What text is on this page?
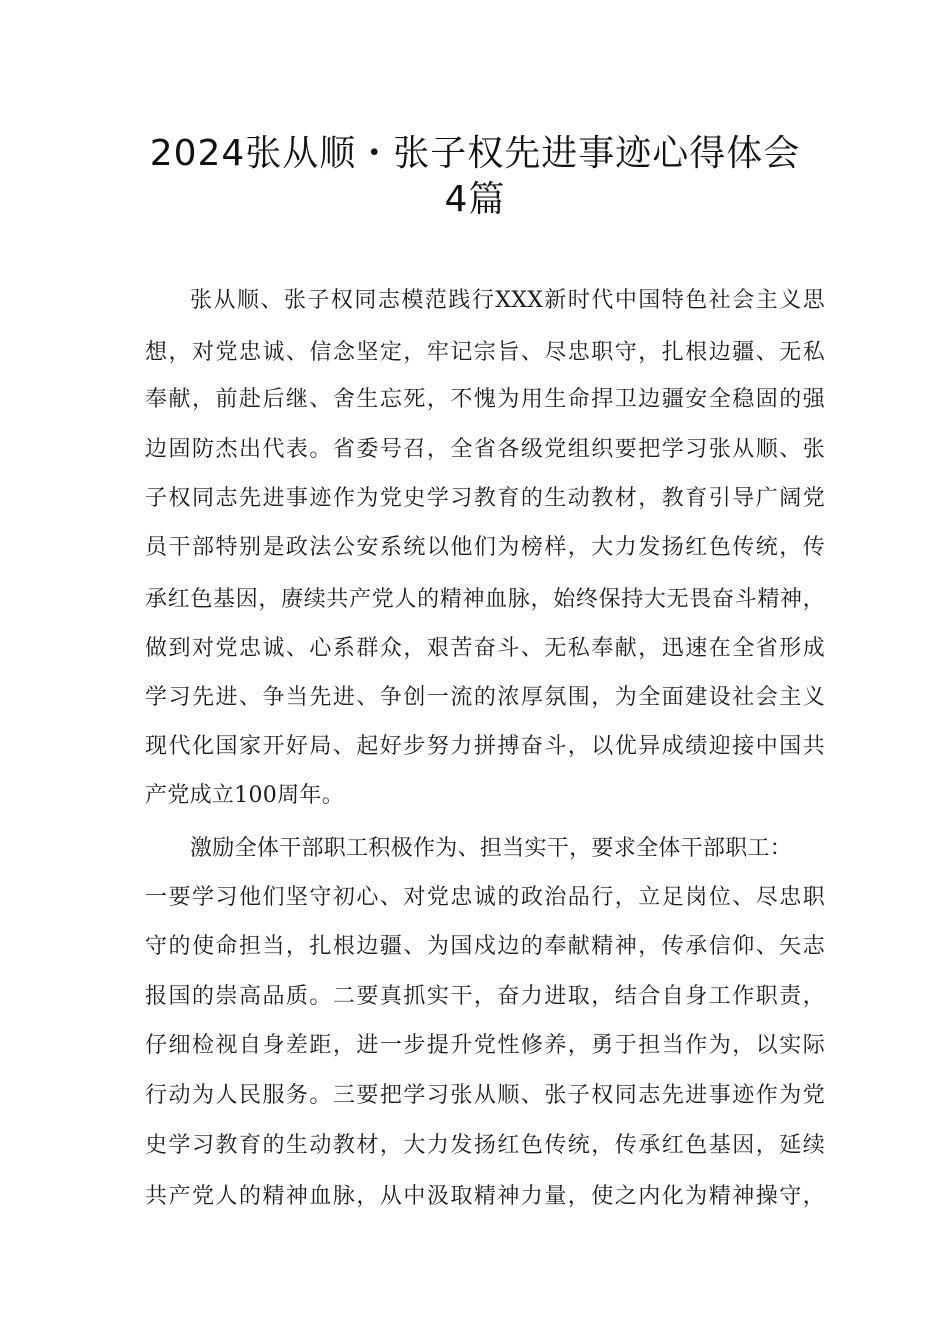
2024张从顺・张子权先进事迹心得体会
4篇
张从顺、张子权同志模范践行XXX新时代中国特色社会主义思
想，对党忠诚、信念坚定，牢记宗旨、尽忠职守，扎根边疆、无私
奉献，前赴后继、舍生忘死，不愧为用生命捍卫边疆安全稳固的强
边固防杰出代表。省委号召，全省各级党组织要把学习张从顺、张
子权同志先进事迹作为党史学习教育的生动教材，教育引导广阔党
员干部特别是政法公安系统以他们为榜样，大力发扬红色传统，传
承红色基因，赓续共产党人的精神血脉，始终保持大无畏奋斗精神，
做到对党忠诚、心系群众，艰苦奋斗、无私奉献，迅速在全省形成
学习先进、争当先进、争创一流的浓厚氛围，为全面建设社会主义
现代化国家开好局、起好步努力拼搏奋斗，以优异成绩迎接中国共
产党成立100周年。
激励全体干部职工积极作为、担当实干，要求全体干部职工：
一要学习他们坚守初心、对党忠诚的政治品行，立足岗位、尽忠职
守的使命担当，扎根边疆、为国戍边的奉献精神，传承信仰、矢志
报国的崇高品质。二要真抓实干，奋力进取，结合自身工作职责，
仔细检视自身差距，进一步提升党性修养，勇于担当作为，以实际
行动为人民服务。三要把学习张从顺、张子权同志先进事迹作为党
史学习教育的生动教材，大力发扬红色传统，传承红色基因，延续
共产党人的精神血脉，从中汲取精神力量，使之内化为精神操守，
